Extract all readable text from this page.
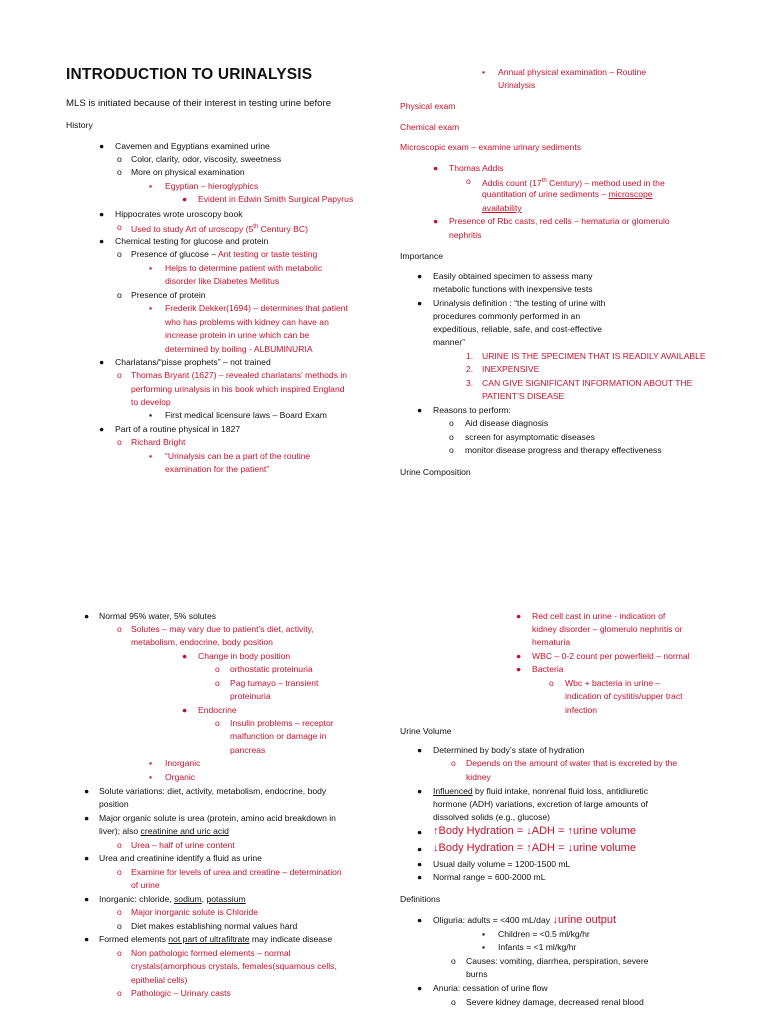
INTRODUCTION TO URINALYSIS
MLS is initiated because of their interest in testing urine before
History
● Cavemen and Egyptians examined urine
o Color, clarity, odor, viscosity, sweetness
o More on physical examination
▪ Egyptian – hieroglyphics
● Evident in Edwin Smith Surgical Papyrus
● Hippocrates wrote uroscopy book
o Used to study Art of uroscopy (5th Century BC)
● Chemical testing for glucose and protein
o Presence of glucose – Ant testing or taste testing
▪ Helps to determine patient with metabolic
disorder like Diabetes Mellitus
o Presence of protein
▪ Frederik Dekker(1694) – determines that patient
who has problems with kidney can have an
increase protein in urine which can be
determined by boiling - ALBUMINURIA
● Charlatans/“pisse prophets” – not trained
o Thomas Bryant (1627) – revealed charlatans’ methods in
performing urinalysis in his book which inspired England
to develop
▪ First medical licensure laws – Board Exam
● Part of a routine physical in 1827
o Richard Bright
▪ “Urinalysis can be a part of the routine
examination for the patient”
▪ Annual physical examination – Routine
Urinalysis
Physical exam
Chemical exam
Microscopic exam – examine urinary sediments
● Thomas Addis
o Addis count (17th Century) – method used in the
quantitation of urine sediments – microscope
availability
● Presence of Rbc casts, red cells – hematuria or glomerulo
nephritis
Importance
● Easily obtained specimen to assess many
metabolic functions with inexpensive tests
● Urinalysis definition : “the testing of urine with
procedures commonly performed in an
expeditious, reliable, safe, and cost-effective
manner”
1. URINE IS THE SPECIMEN THAT IS READILY AVAILABLE
2. INEXPENSIVE
3. CAN GIVE SIGNIFICANT INFORMATION ABOUT THE
PATIENT’S DISEASE
● Reasons to perform:
o Aid disease diagnosis
o screen for asymptomatic diseases
o monitor disease progress and therapy effectiveness
Urine Composition
● Normal 95% water, 5% solutes
o Solutes – may vary due to patient’s diet, activity,
metabolism, endocrine, body position
● Change in body position
o orthostatic proteinuria
o Pag tumayo – transient
proteinuria
● Endocrine
o Insulin problems – receptor
malfunction or damage in
pancreas
▪ Inorganic
▪ Organic
● Solute variations: diet, activity, metabolism, endocrine, body
position
● Major organic solute is urea (protein, amino acid breakdown in
liver); also creatinine and uric acid
o Urea – half of urine content
● Urea and creatinine identify a fluid as urine
o Examine for levels of urea and creatine – determination
of urine
● Inorganic: chloride, sodium, potassium
o Major inorganic solute is Chloride
o Diet makes establishing normal values hard
● Formed elements not part of ultrafiltrate may indicate disease
o Non pathologic formed elements – normal
crystals(amorphous crystals, females(squamous cells,
epithelial cells)
o Pathologic – Urinary casts
● Red cell cast in urine - indication of
kidney disorder – glomerulo nephritis or
hematuria
● WBC – 0-2 count per powerfield – normal
● Bacteria
o Wbc + bacteria in urine –
indication of cystitis/upper tract
infection
Urine Volume
● Determined by body’s state of hydration
o Depends on the amount of water that is excreted by the
kidney
● Influenced by fluid intake, nonrenal fluid loss, antidiuretic
hormone (ADH) variations, excretion of large amounts of
dissolved solids (e.g., glucose)
● ↑Body Hydration = ↓ADH = ↑urine volume
● ↓Body Hydration = ↑ADH = ↓urine volume
● Usual daily volume = 1200-1500 mL
● Normal range = 600-2000 mL
Definitions
● Oliguria: adults = <400 mL/day ↓urine output
▪ Children = <0.5 ml/kg/hr
▪ Infants = <1 ml/kg/hr
o Causes: vomiting, diarrhea, perspiration, severe
burns
● Anuria: cessation of urine flow
o Severe kidney damage, decreased renal blood
